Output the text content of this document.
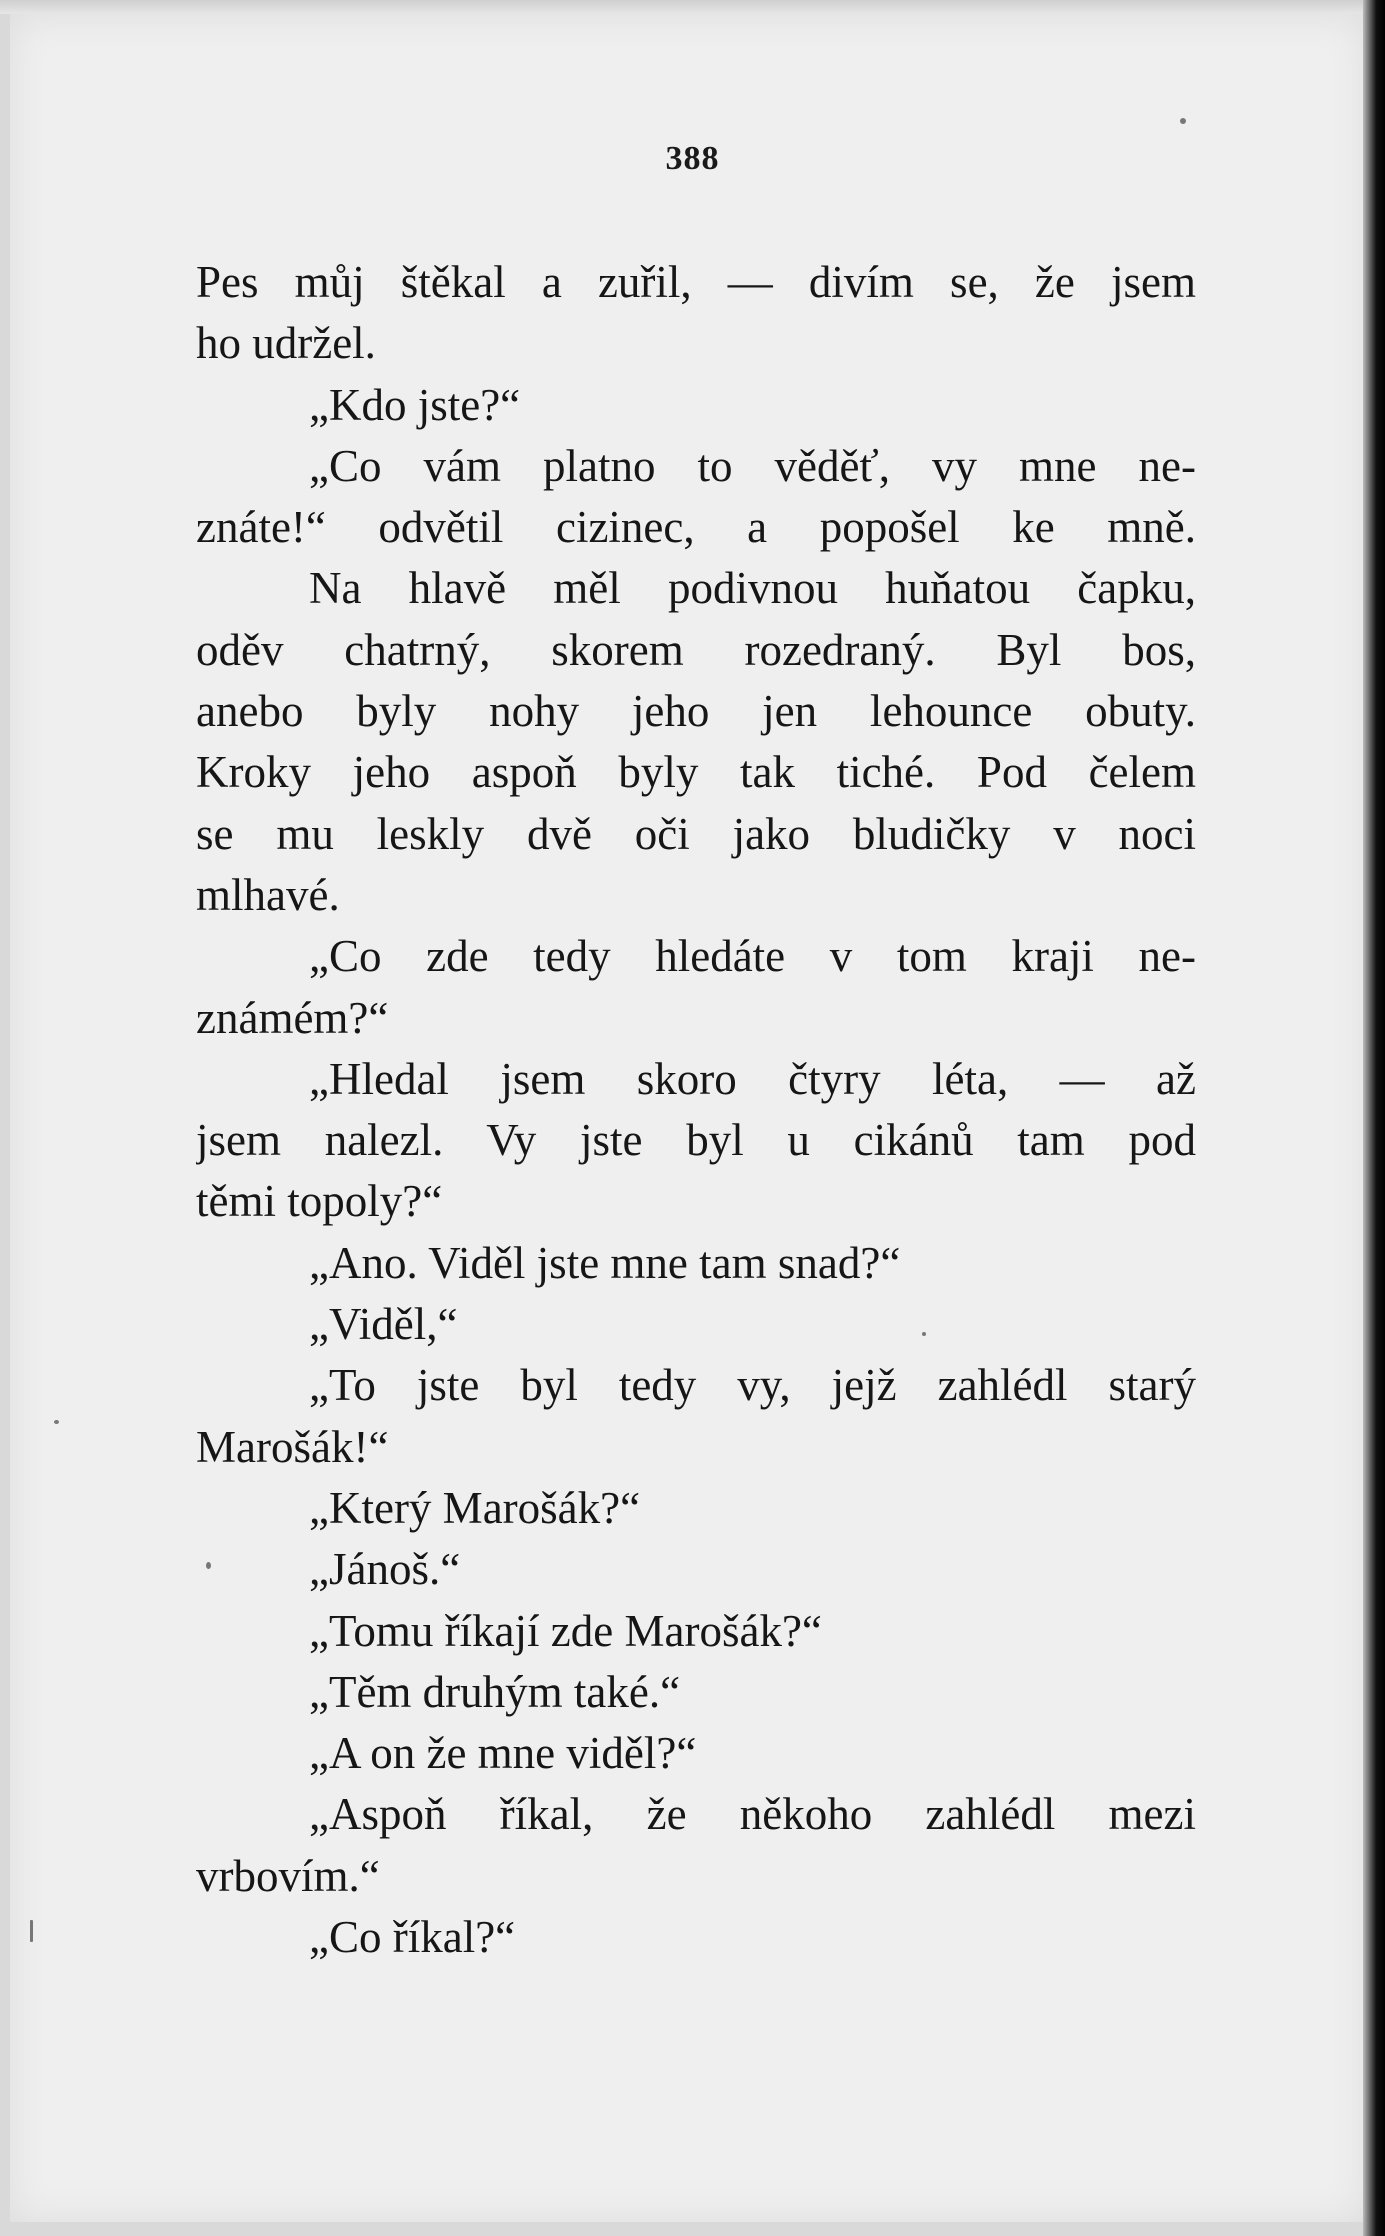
388
Pes můj štěkal a zuřil, — divím se, že jsem
ho udržel.
„Kdo jste?“
„Co vám platno to věděť, vy mne ne-
znáte!“ odvětil cizinec, a popošel ke mně.
Na hlavě měl podivnou huňatou čapku,
oděv chatrný, skorem rozedraný. Byl bos,
anebo byly nohy jeho jen lehounce obuty.
Kroky jeho aspoň byly tak tiché. Pod čelem
se mu leskly dvě oči jako bludičky v noci
mlhavé.
„Co zde tedy hledáte v tom kraji ne-
známém?“
„Hledal jsem skoro čtyry léta, — až
jsem nalezl. Vy jste byl u cikánů tam pod
těmi topoly?“
„Ano. Viděl jste mne tam snad?“
„Viděl,“
„To jste byl tedy vy, jejž zahlédl starý
Marošák!“
„Který Marošák?“
„Jánoš.“
„Tomu říkají zde Marošák?“
„Těm druhým také.“
„A on že mne viděl?“
„Aspoň říkal, že někoho zahlédl mezi
vrbovím.“
„Co říkal?“
